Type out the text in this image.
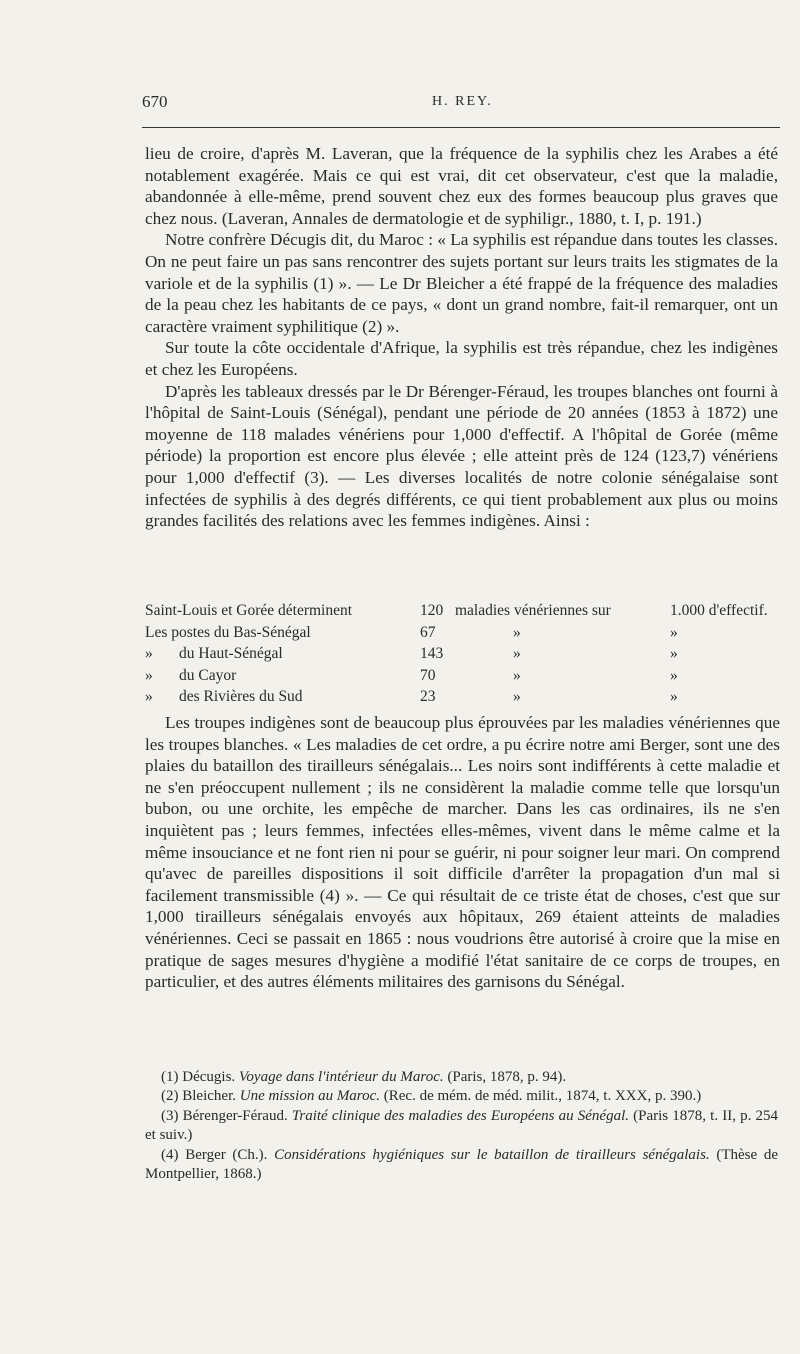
670	H. REY.

lieu de croire, d'après M. Laveran, que la fréquence de la syphilis chez les Arabes a été notablement exagérée. Mais ce qui est vrai, dit cet observateur, c'est que la maladie, abandonnée à elle-même, prend souvent chez eux des formes beaucoup plus graves que chez nous. (Laveran, Annales de dermatologie et de syphiligr., 1880, t. I, p. 191.)

Notre confrère Décugis dit, du Maroc : « La syphilis est répandue dans toutes les classes. On ne peut faire un pas sans rencontrer des sujets portant sur leurs traits les stigmates de la variole et de la syphilis (1) ». — Le Dr Bleicher a été frappé de la fréquence des maladies de la peau chez les habitants de ce pays, « dont un grand nombre, fait-il remarquer, ont un caractère vraiment syphilitique (2) ».

Sur toute la côte occidentale d'Afrique, la syphilis est très répandue, chez les indigènes et chez les Européens.

D'après les tableaux dressés par le Dr Bérenger-Féraud, les troupes blanches ont fourni à l'hôpital de Saint-Louis (Sénégal), pendant une période de 20 années (1853 à 1872) une moyenne de 118 malades vénériens pour 1,000 d'effectif. A l'hôpital de Gorée (même période) la proportion est encore plus élevée ; elle atteint près de 124 (123,7) vénériens pour 1,000 d'effectif (3). — Les diverses localités de notre colonie sénégalaise sont infectées de syphilis à des degrés différents, ce qui tient probablement aux plus ou moins grandes facilités des relations avec les femmes indigènes. Ainsi :

Saint-Louis et Gorée déterminent	120 maladies vénériennes sur	1.000 d'effectif.
Les postes du Bas-Sénégal	67	»	»
» du Haut-Sénégal	143	»	»
» du Cayor	70	»	»
» des Rivières du Sud	23	»	»

Les troupes indigènes sont de beaucoup plus éprouvées par les maladies vénériennes que les troupes blanches. « Les maladies de cet ordre, a pu écrire notre ami Berger, sont une des plaies du bataillon des tirailleurs sénégalais... Les noirs sont indifférents à cette maladie et ne s'en préoccupent nullement ; ils ne considèrent la maladie comme telle que lorsqu'un bubon, ou une orchite, les empêche de marcher. Dans les cas ordinaires, ils ne s'en inquiètent pas ; leurs femmes, infectées elles-mêmes, vivent dans le même calme et la même insouciance et ne font rien ni pour se guérir, ni pour soigner leur mari. On comprend qu'avec de pareilles dispositions il soit difficile d'arrêter la propagation d'un mal si facilement transmissible (4) ». — Ce qui résultait de ce triste état de choses, c'est que sur 1,000 tirailleurs sénégalais envoyés aux hôpitaux, 269 étaient atteints de maladies vénériennes. Ceci se passait en 1865 : nous voudrions être autorisé à croire que la mise en pratique de sages mesures d'hygiène a modifié l'état sanitaire de ce corps de troupes, en particulier, et des autres éléments militaires des garnisons du Sénégal.

(1) Décugis. Voyage dans l'intérieur du Maroc. (Paris, 1878, p. 94).

(2) Bleicher. Une mission au Maroc. (Rec. de mém. de méd. milit., 1874, t. XXX, p. 390.)

(3) Bérenger-Féraud. Traité clinique des maladies des Européens au Sénégal. (Paris 1878, t. II, p. 254 et suiv.)

(4) Berger (Ch.). Considérations hygiéniques sur le bataillon de tirailleurs sénégalais. (Thèse de Montpellier, 1868.)
